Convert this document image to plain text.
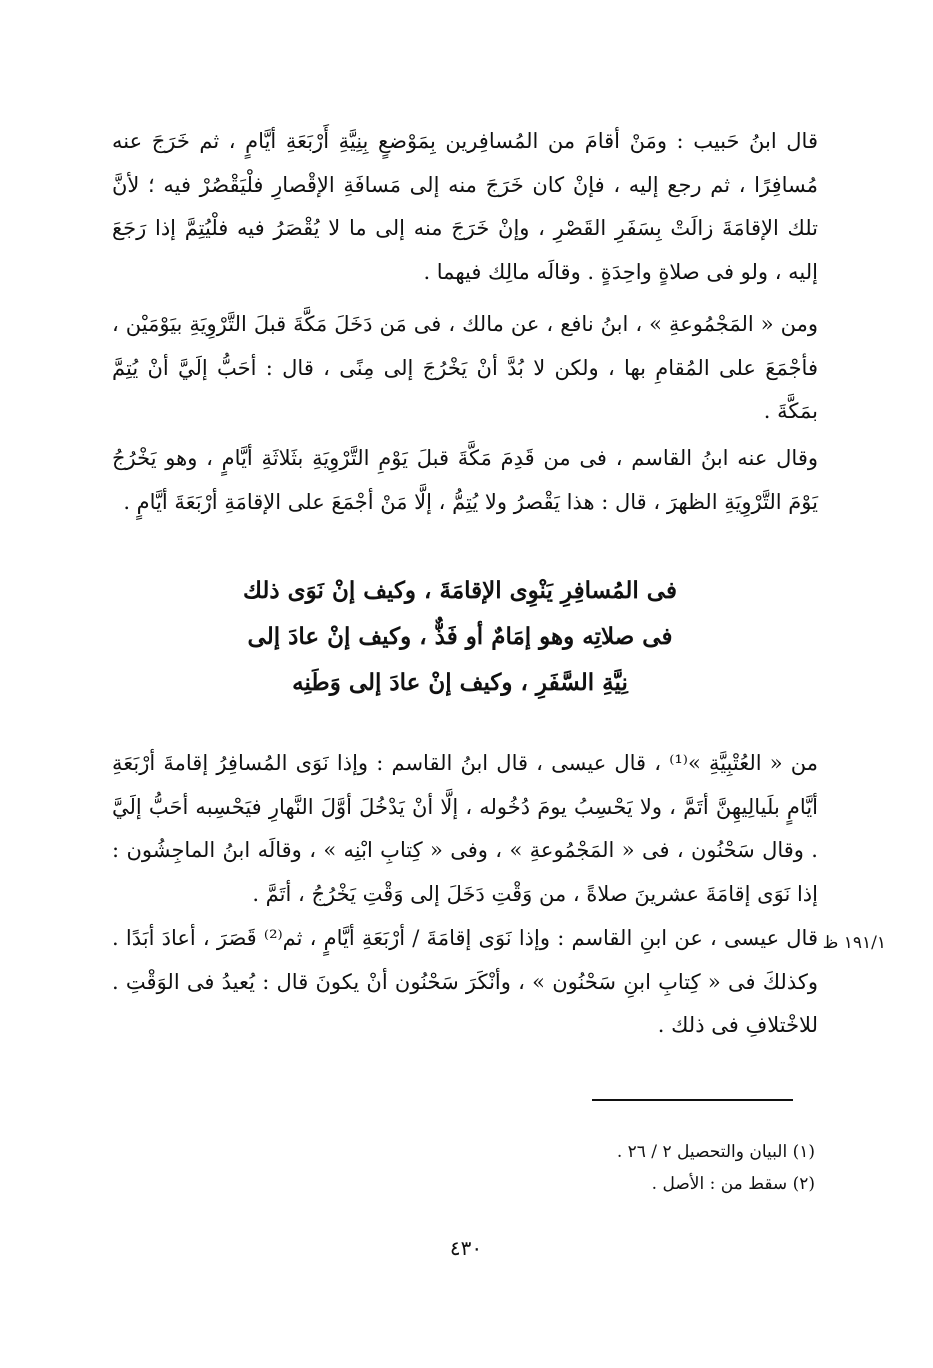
قال ابنُ حَبيب : ومَنْ أقامَ من المُسافِرين بِمَوْضعٍ بِنِيَّةِ أَرْبَعَةِ أيَّامٍ ، ثم خَرَجَ عنه مُسافِرًا ، ثم رجع إليه ، فإنْ كان خَرَجَ منه إلى مَسافَةِ الإقْصارِ فلْيَقْصُرْ فيه ؛ لأنَّ تلك الإقامَةَ زالَتْ بِسَفَرِ القَصْرِ ، وإنْ خَرَجَ منه إلى ما لا يُقْصَرُ فيه فلْيُتِمَّ إذا رَجَعَ إليه ، ولو فى صلاةٍ واحِدَةٍ . وقالَه مالِك فيهما .

ومن « المَجْمُوعةِ » ، ابنُ نافع ، عن مالك ، فى مَن دَخَلَ مَكَّةَ قبلَ التَّرْوِيَةِ بيَوْمَيْن ، فأجْمَعَ على المُقامِ بها ، ولكن لا بُدَّ أنْ يَخْرُجَ إلى مِنًى ، قال : أحَبُّ إلَيَّ أنْ يُتِمَّ بمَكَّةَ .

وقال عنه ابنُ القاسم ، فى من قَدِمَ مَكَّةَ قبلَ يَوْمِ التَّرْوِيَةِ بثَلاثَةِ أيَّامٍ ، وهو يَخْرُجُ يَوْمَ التَّرْوِيَةِ الظهرَ ، قال : هذا يَقْصرُ ولا يُتِمُّ ، إلَّا مَنْ أجْمَعَ على الإقامَةِ أرْبَعَةَ أيَّامٍ .

فى المُسافِرِ يَنْوِى الإقامَةَ ، وكيف إنْ نَوَى ذلك
فى صلاتِه وهو إمَامٌ أو فَذٌّ ، وكيف إنْ عادَ إلى
نِيَّةِ السَّفَرِ ، وكيف إنْ عادَ إلى وَطَنِه

من « العُتْبِيَّةِ »⁽¹⁾ ، قال عيسى ، قال ابنُ القاسم : وإذا نَوَى المُسافِرُ إقامةَ أرْبَعَةِ أيَّامٍ بلَيالِيهِنَّ أتَمَّ ، ولا يَحْسِبُ يومَ دُخُوله ، إلَّا أنْ يَدْخُلَ أوَّلَ النَّهارِ فيَحْسِبه أحَبُّ إلَيَّ . وقال سَحْنُون ، فى « المَجْمُوعةِ » ، وفى « كِتابِ ابْنِه » ، وقالَه ابنُ الماجِشُون : إذا نَوَى إقامَةَ عشرينَ صلاةً ، من وَقْتِ دَخَلَ إلى وَقْتِ يَخْرُجُ ، أتَمَّ .

١٩١/١ ظ

قال عيسى ، عن ابنِ القاسم : وإذا نَوَى إقامَةَ / أرْبَعَةِ أيَّامٍ ، ثم⁽²⁾ قَصَرَ ، أعادَ أبَدًا . وكذلكَ فى « كِتابِ ابنِ سَحْنُون » ، وأنْكَرَ سَحْنُون أنْ يكونَ قال : يُعيدُ فى الوَقْتِ . للاخْتلافِ فى ذلك .

(١) البيان والتحصيل ٢ / ٢٦ .
(٢) سقط من : الأصل .
٤٣٠
